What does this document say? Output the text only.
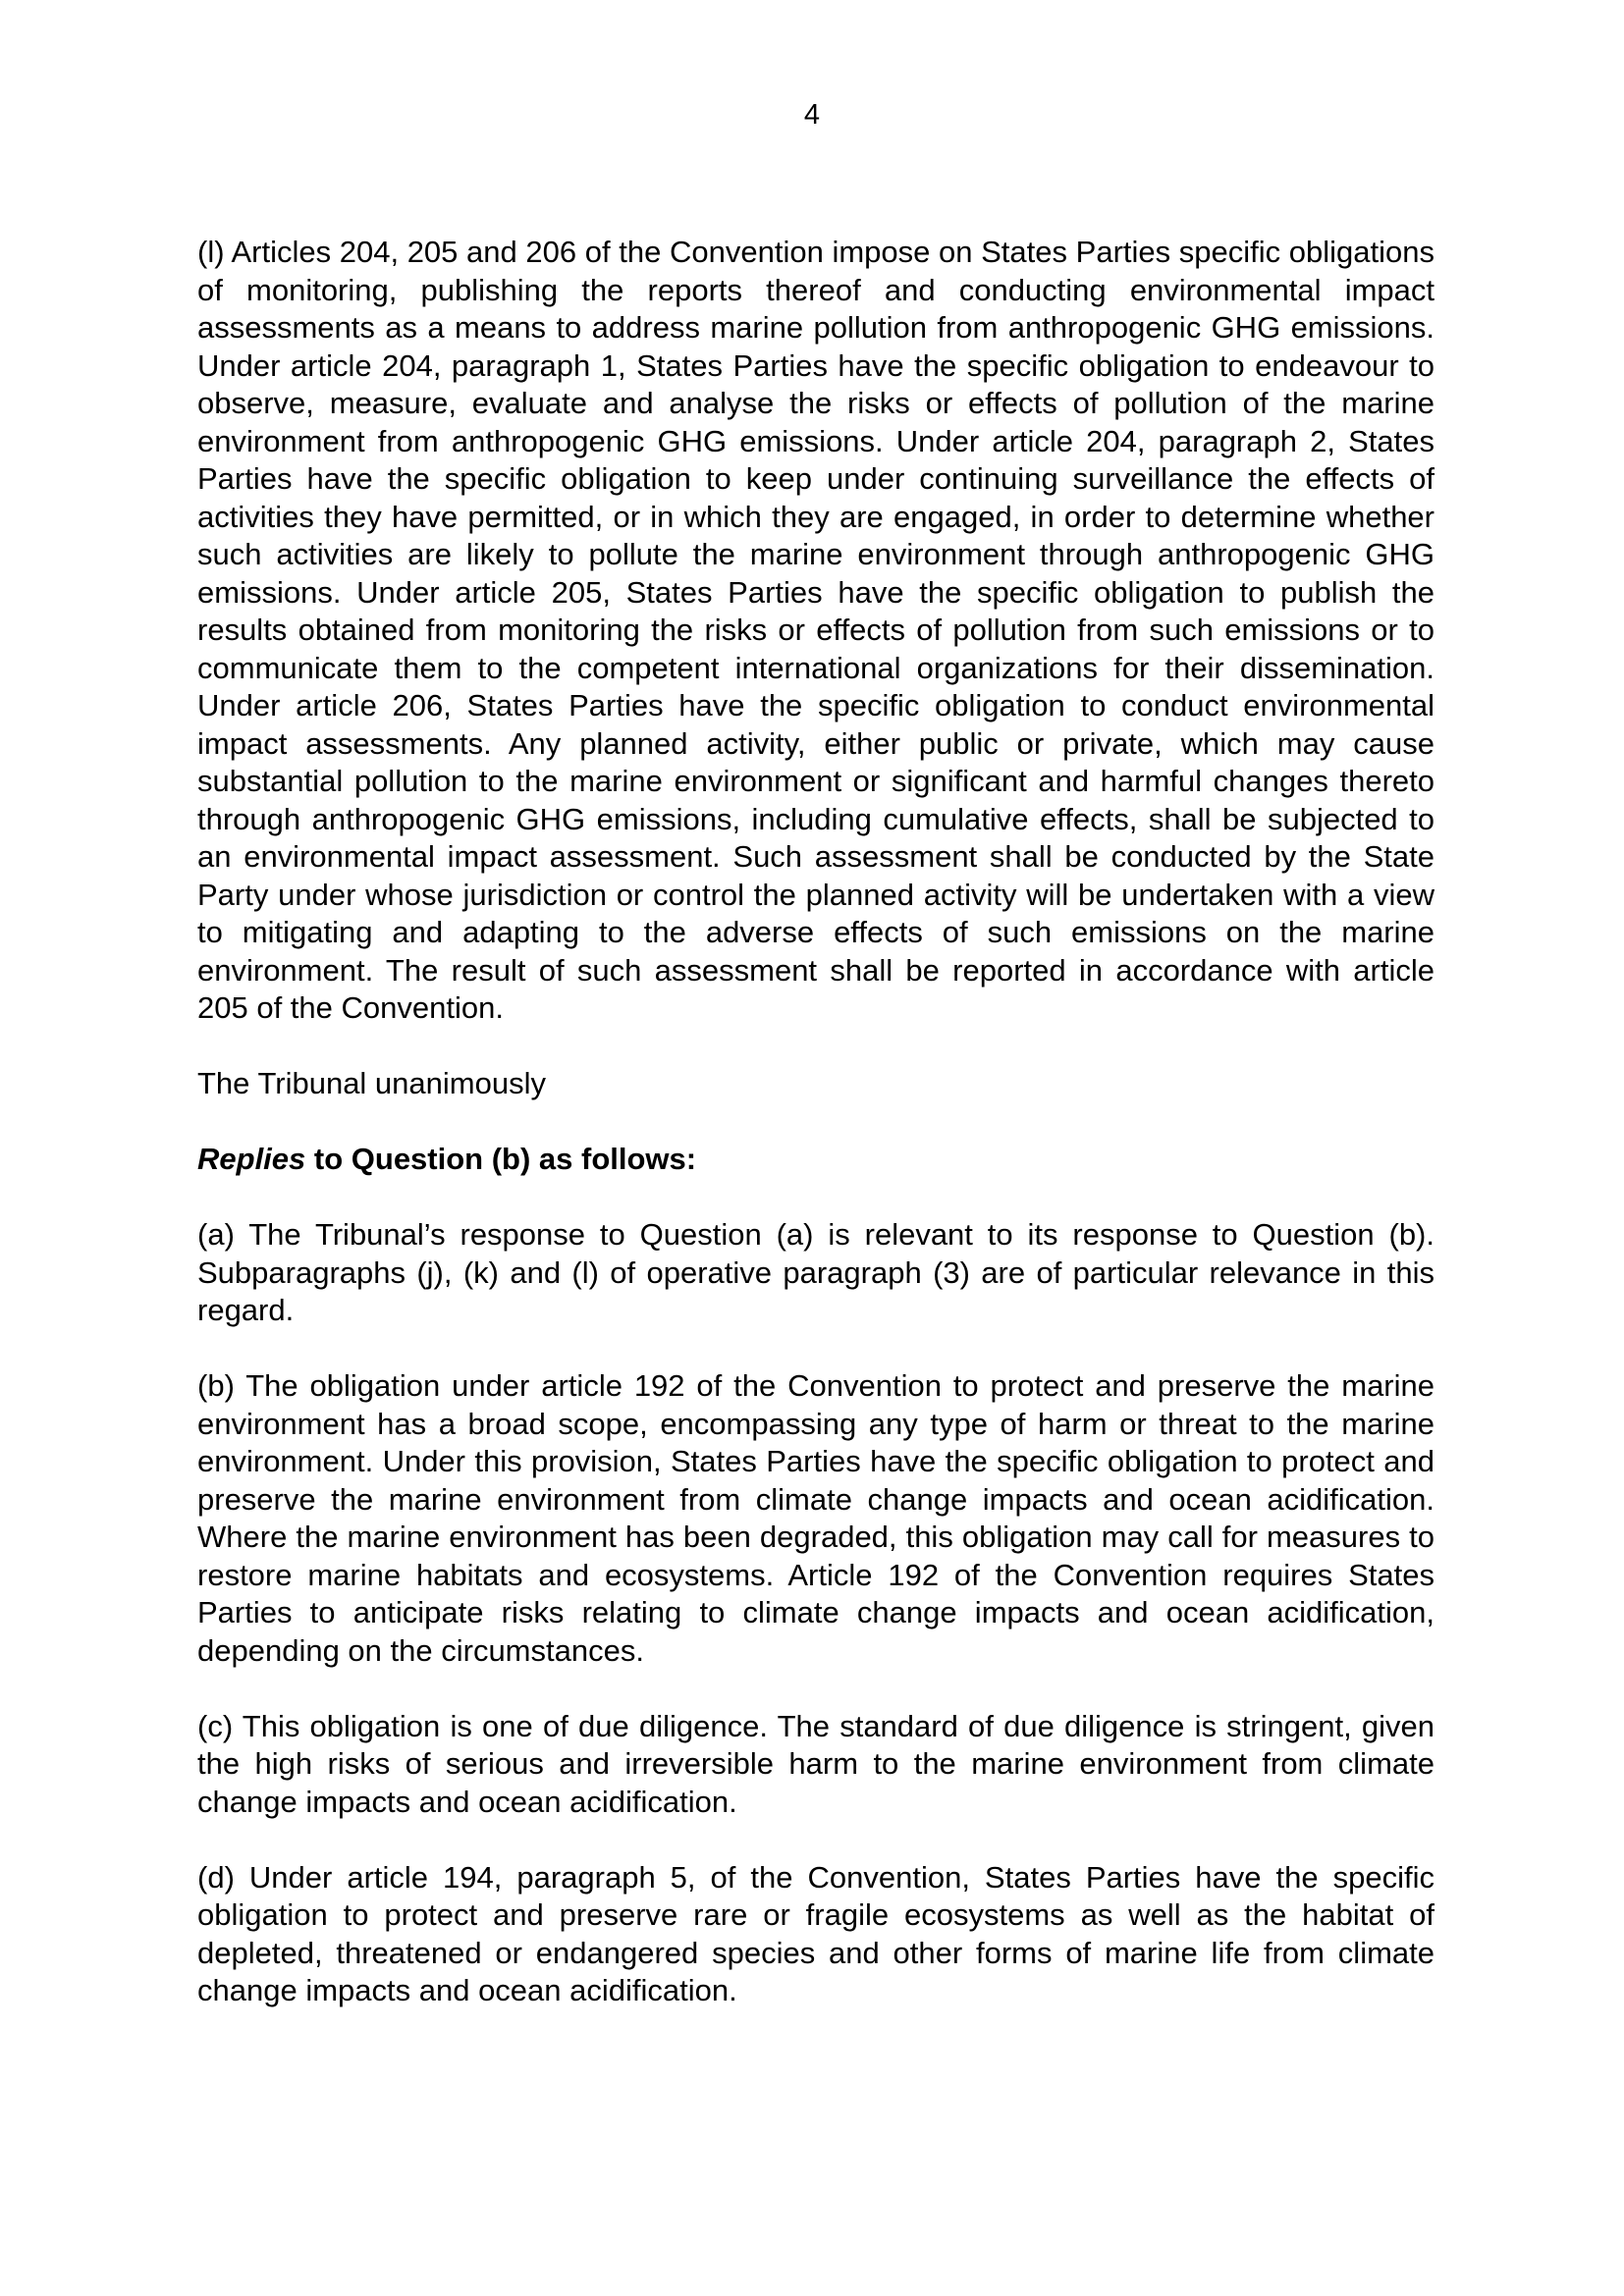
4

(l) Articles 204, 205 and 206 of the Convention impose on States Parties specific obligations of monitoring, publishing the reports thereof and conducting environmental impact assessments as a means to address marine pollution from anthropogenic GHG emissions. Under article 204, paragraph 1, States Parties have the specific obligation to endeavour to observe, measure, evaluate and analyse the risks or effects of pollution of the marine environment from anthropogenic GHG emissions. Under article 204, paragraph 2, States Parties have the specific obligation to keep under continuing surveillance the effects of activities they have permitted, or in which they are engaged, in order to determine whether such activities are likely to pollute the marine environment through anthropogenic GHG emissions. Under article 205, States Parties have the specific obligation to publish the results obtained from monitoring the risks or effects of pollution from such emissions or to communicate them to the competent international organizations for their dissemination. Under article 206, States Parties have the specific obligation to conduct environmental impact assessments. Any planned activity, either public or private, which may cause substantial pollution to the marine environment or significant and harmful changes thereto through anthropogenic GHG emissions, including cumulative effects, shall be subjected to an environmental impact assessment. Such assessment shall be conducted by the State Party under whose jurisdiction or control the planned activity will be undertaken with a view to mitigating and adapting to the adverse effects of such emissions on the marine environment. The result of such assessment shall be reported in accordance with article 205 of the Convention.

The Tribunal unanimously

Replies to Question (b) as follows:

(a) The Tribunal’s response to Question (a) is relevant to its response to Question (b). Subparagraphs (j), (k) and (l) of operative paragraph (3) are of particular relevance in this regard.

(b) The obligation under article 192 of the Convention to protect and preserve the marine environment has a broad scope, encompassing any type of harm or threat to the marine environment. Under this provision, States Parties have the specific obligation to protect and preserve the marine environment from climate change impacts and ocean acidification. Where the marine environment has been degraded, this obligation may call for measures to restore marine habitats and ecosystems. Article 192 of the Convention requires States Parties to anticipate risks relating to climate change impacts and ocean acidification, depending on the circumstances.

(c) This obligation is one of due diligence. The standard of due diligence is stringent, given the high risks of serious and irreversible harm to the marine environment from climate change impacts and ocean acidification.

(d) Under article 194, paragraph 5, of the Convention, States Parties have the specific obligation to protect and preserve rare or fragile ecosystems as well as the habitat of depleted, threatened or endangered species and other forms of marine life from climate change impacts and ocean acidification.
